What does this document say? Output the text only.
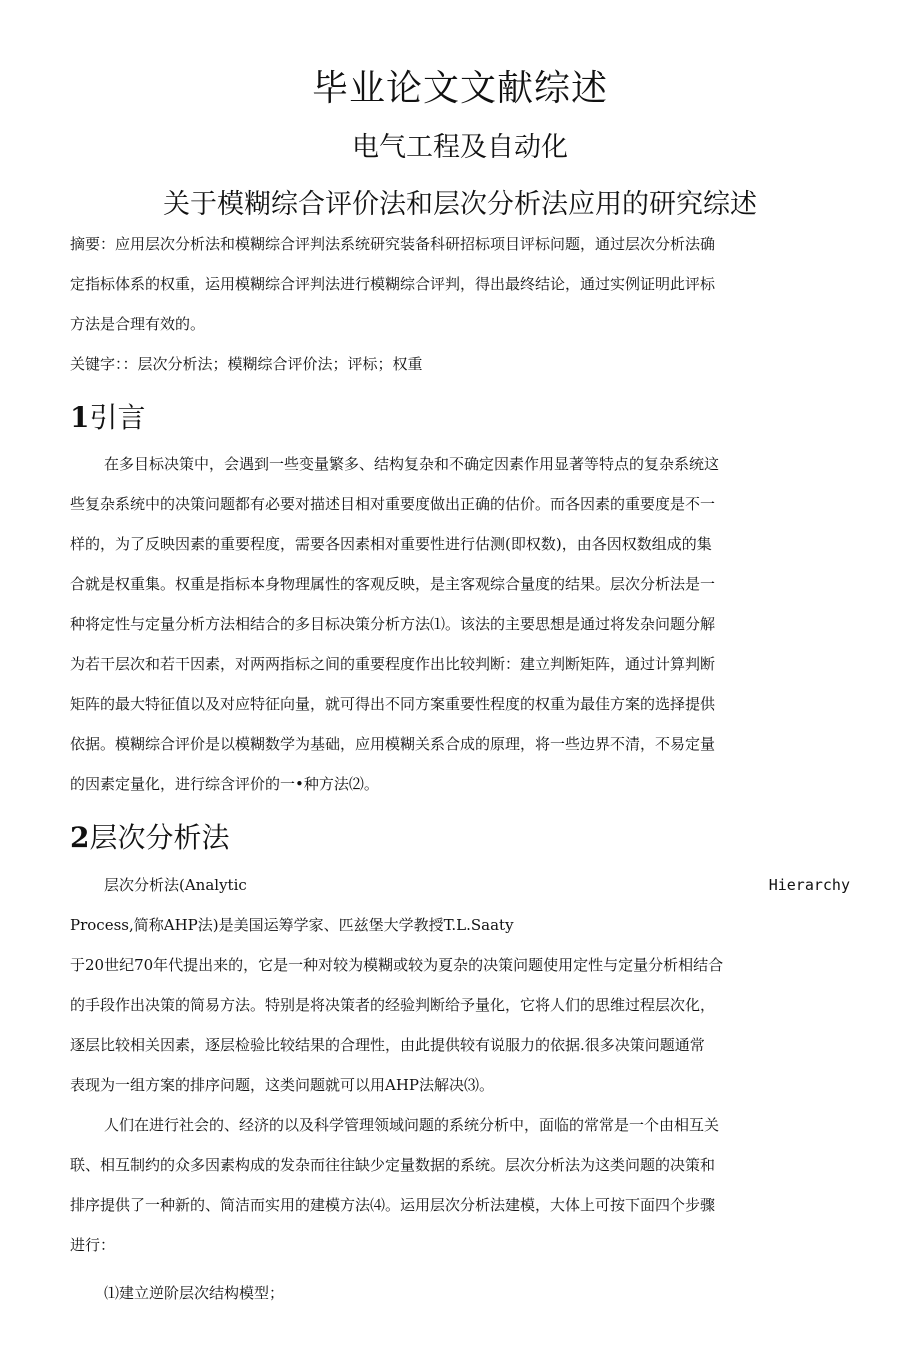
毕业论文文献综述
电气工程及自动化
关于模糊综合评价法和层次分析法应用的研究综述
摘要：应用层次分析法和模糊综合评判法系统研究装备科研招标项目评标问题，通过层次分析法确
定指标体系的权重，运用模糊综合评判法进行模糊综合评判，得出最终结论，通过实例证明此评标
方法是合理有效的。
关键字：：层次分析法；模糊综合评价法；评标；权重
1引言
在多目标决策中，会遇到一些变量繁多、结构复杂和不确定因素作用显著等特点的复杂系统这
些复杂系统中的决策问题都有必要对描述目相对重要度做出正确的估价。而各因素的重要度是不一
样的，为了反映因素的重要程度，需要各因素相对重要性进行估测(即权数)，由各因权数组成的集
合就是权重集。权重是指标本身物理属性的客观反映，是主客观综合量度的结果。层次分析法是一
种将定性与定量分析方法相结合的多目标决策分析方法⑴。该法的主要思想是通过将发杂问题分解
为若干层次和若干因素，对两两指标之间的重要程度作出比较判断：建立判断矩阵，通过计算判断
矩阵的最大特征值以及对应特征向量，就可得出不同方案重要性程度的权重为最佳方案的选择提供
依据。模糊综合评价是以模糊数学为基础，应用模糊关系合成的原理，将一些边界不清，不易定量
的因素定量化，进行综含评价的一•种方法⑵。
2层次分析法
层次分析法(Analytic	Hierarchy
Process,简称AHP法)是美国运筹学家、匹兹堡大学教授T.L.Saaty
于20世纪70年代提出来的，它是一种对较为模糊或较为夏杂的决策问题使用定性与定量分析相结合
的手段作出决策的简易方法。特别是将决策者的经验判断给予量化，它将人们的思维过程层次化，
逐层比较相关因素，逐层检验比较结果的合理性，由此提供较有说服力的依据.很多决策问题通常
表现为一组方案的排序问题，这类问题就可以用AHP法解决⑶。
人们在进行社会的、经济的以及科学管理领域问题的系统分析中，面临的常常是一个由相互关
联、相互制约的众多因素构成的发杂而往往缺少定量数据的系统。层次分析法为这类问题的决策和
排序提供了一种新的、简洁而实用的建模方法⑷。运用层次分析法建模，大体上可按下面四个步骤
进行：
⑴建立逆阶层次结构模型；
